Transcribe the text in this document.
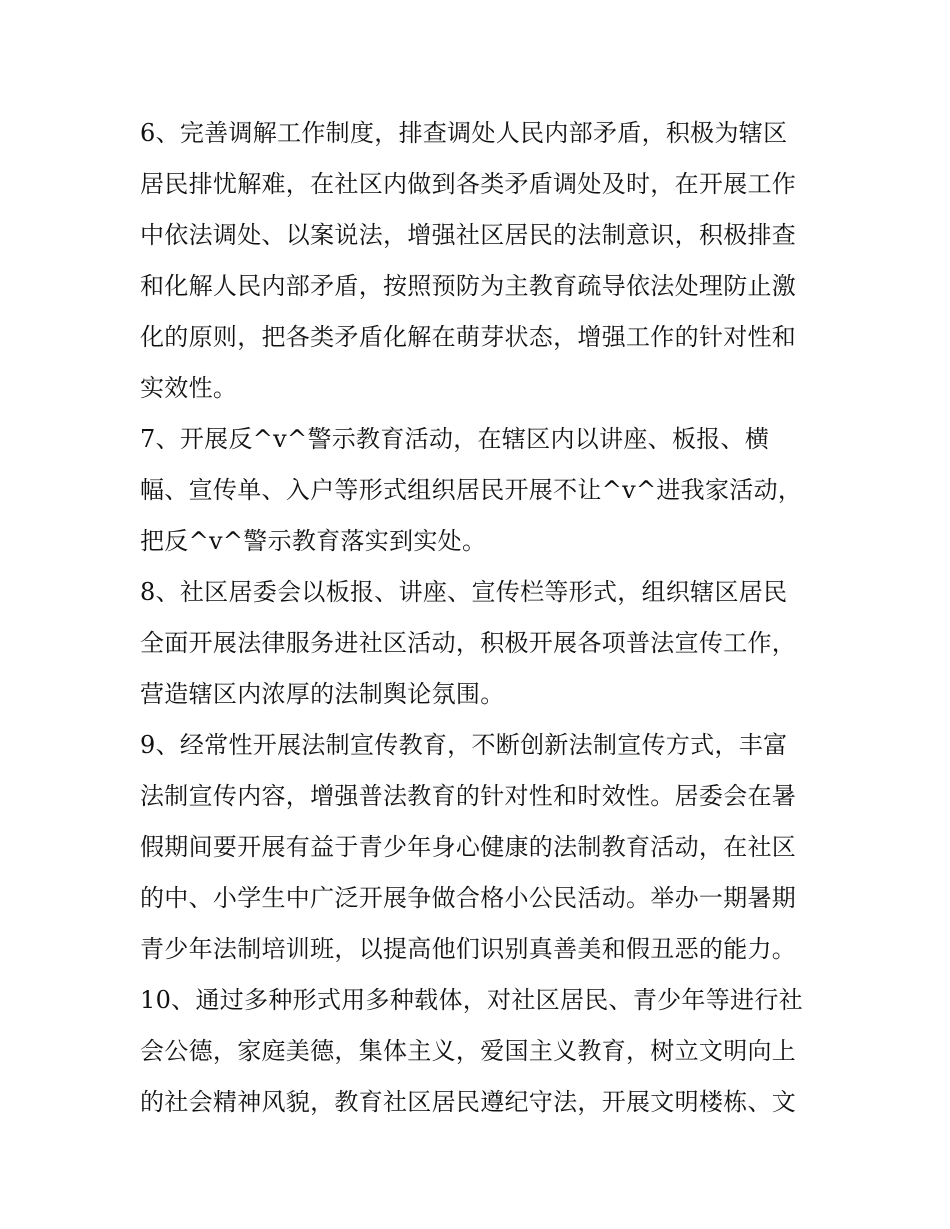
6、完善调解工作制度，排查调处人民内部矛盾，积极为辖区
居民排忧解难，在社区内做到各类矛盾调处及时，在开展工作
中依法调处、以案说法，增强社区居民的法制意识，积极排查
和化解人民内部矛盾，按照预防为主教育疏导依法处理防止激
化的原则，把各类矛盾化解在萌芽状态，增强工作的针对性和
实效性。
7、开展反^v^警示教育活动，在辖区内以讲座、板报、横
幅、宣传单、入户等形式组织居民开展不让^v^进我家活动，
把反^v^警示教育落实到实处。
8、社区居委会以板报、讲座、宣传栏等形式，组织辖区居民
全面开展法律服务进社区活动，积极开展各项普法宣传工作，
营造辖区内浓厚的法制舆论氛围。
9、经常性开展法制宣传教育，不断创新法制宣传方式，丰富
法制宣传内容，增强普法教育的针对性和时效性。居委会在暑
假期间要开展有益于青少年身心健康的法制教育活动，在社区
的中、小学生中广泛开展争做合格小公民活动。举办一期暑期
青少年法制培训班，以提高他们识别真善美和假丑恶的能力。
10、通过多种形式用多种载体，对社区居民、青少年等进行社
会公德，家庭美德，集体主义，爱国主义教育，树立文明向上
的社会精神风貌，教育社区居民遵纪守法，开展文明楼栋、文
